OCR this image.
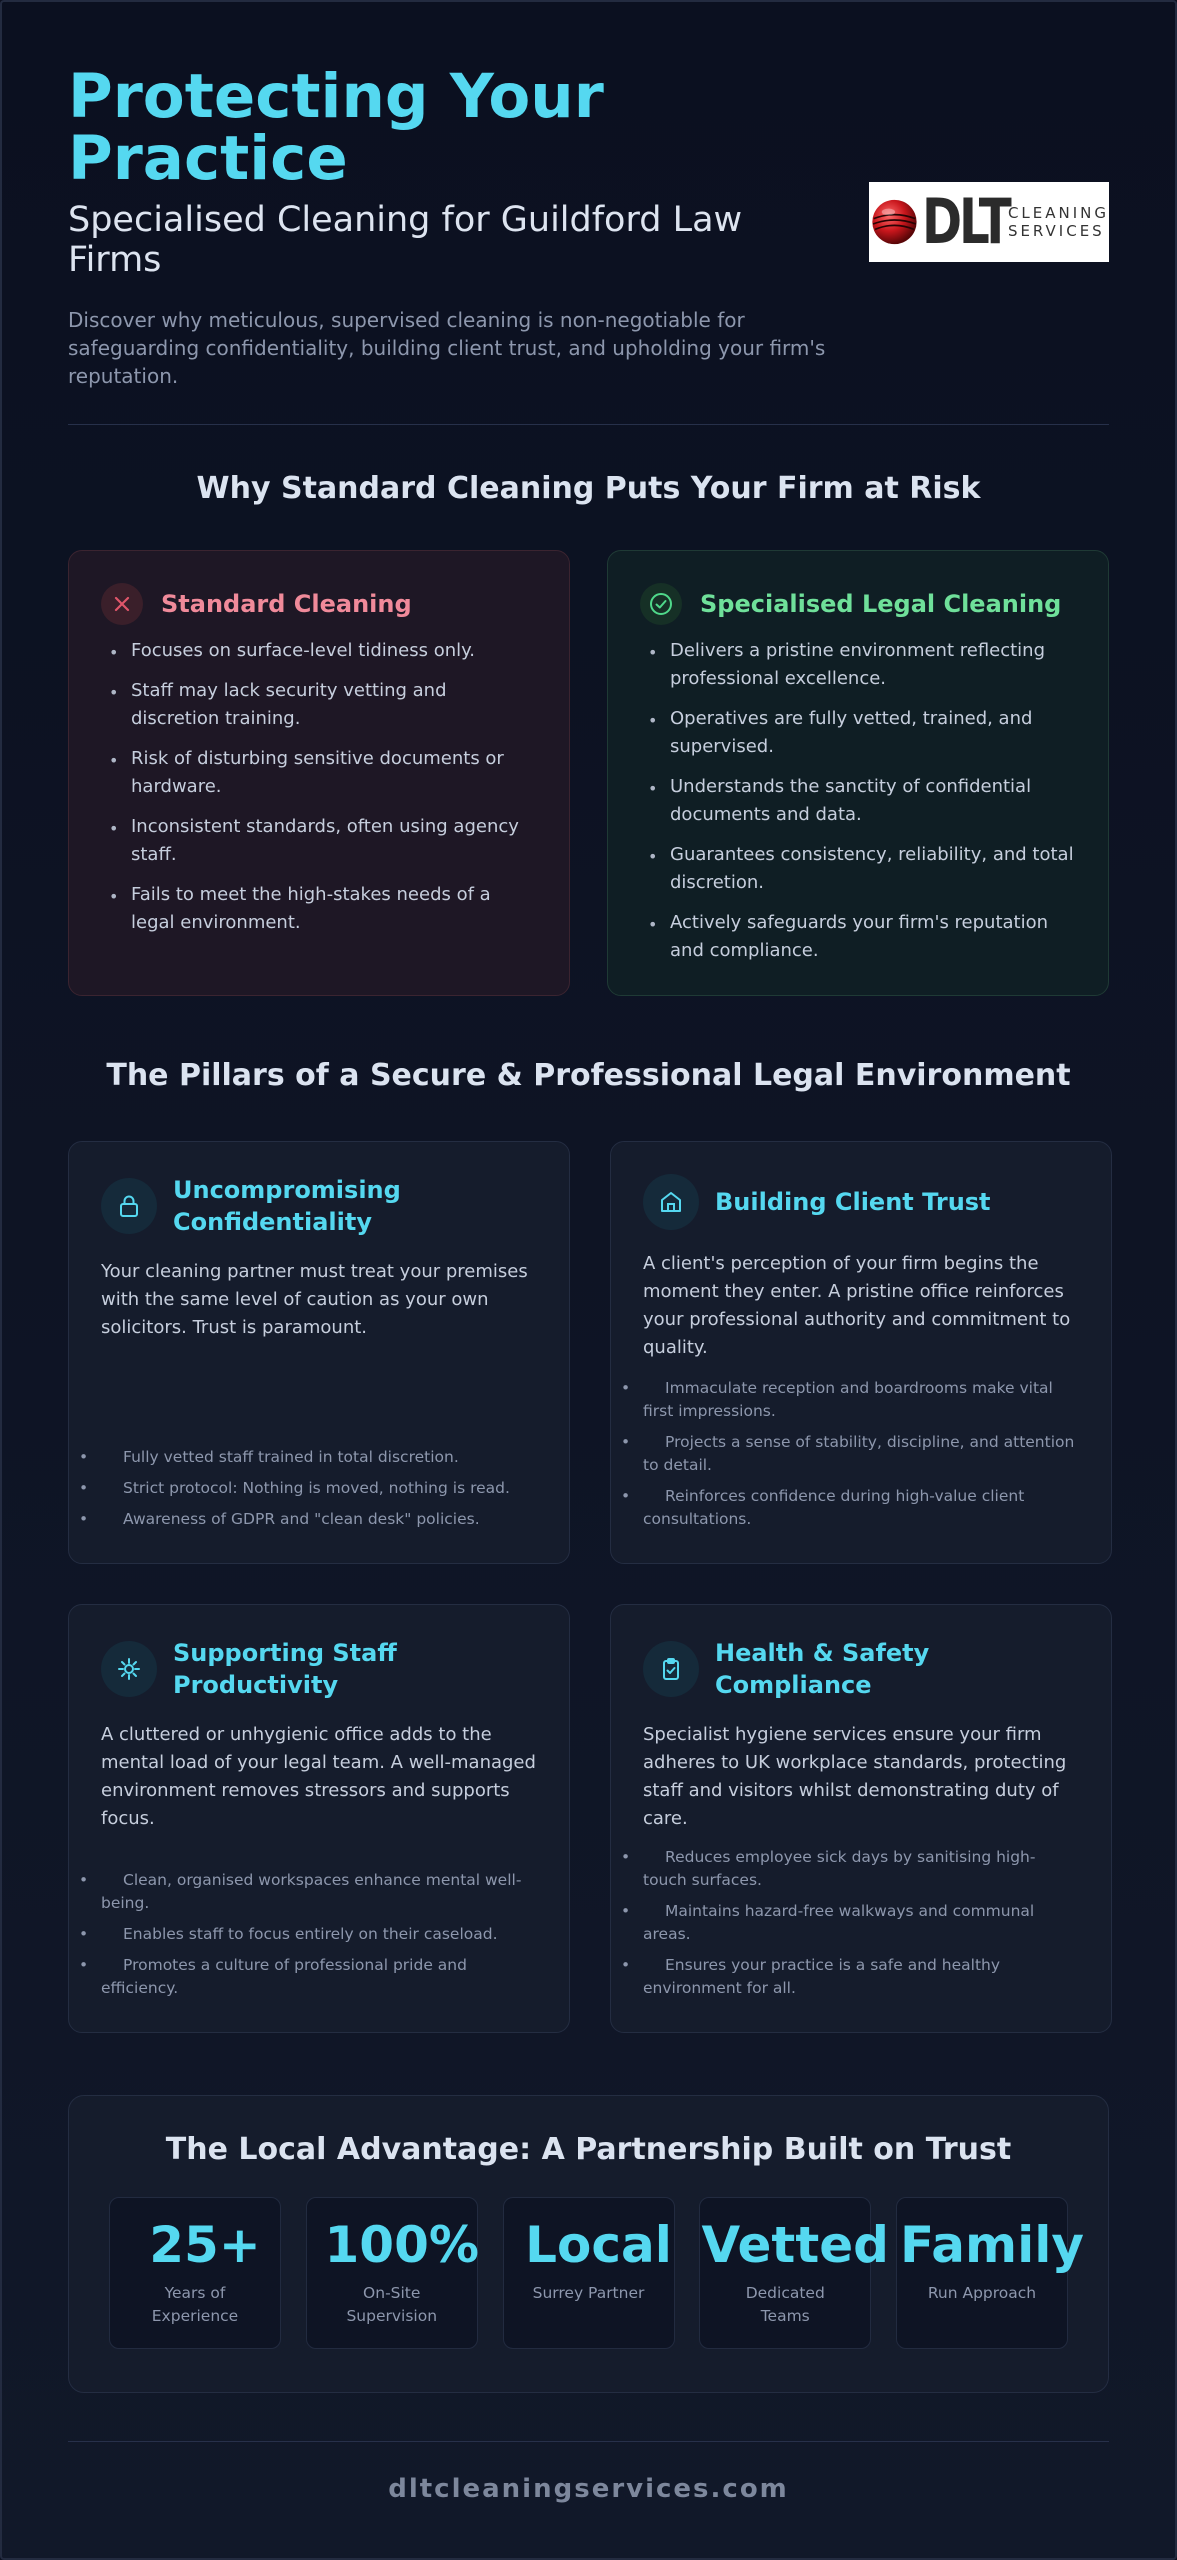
Protecting Your Practice
Specialised Cleaning for Guildford Law Firms

Discover why meticulous, supervised cleaning is non-negotiable for safeguarding confidentiality, building client trust, and upholding your firm's reputation.

DLT CLEANING
SERVICES
Why Standard Cleaning Puts Your Firm at Risk
Standard Cleaning
• Focuses on surface-level tidiness only.
• Staff may lack security vetting and discretion training.
• Risk of disturbing sensitive documents or hardware.
• Inconsistent standards, often using agency staff.
• Fails to meet the high-stakes needs of a legal environment.
Specialised Legal Cleaning
• Delivers a pristine environment reflecting professional excellence.
• Operatives are fully vetted, trained, and supervised.
• Understands the sanctity of confidential documents and data.
• Guarantees consistency, reliability, and total discretion.
• Actively safeguards your firm's reputation and compliance.
The Pillars of a Secure & Professional Legal Environment
Uncompromising Confidentiality

Your cleaning partner must treat your premises with the same level of caution as your own solicitors. Trust is paramount.

• Fully vetted staff trained in total discretion.
• Strict protocol: Nothing is moved, nothing is read.
• Awareness of GDPR and "clean desk" policies.
Building Client Trust

A client's perception of your firm begins the moment they enter. A pristine office reinforces your professional authority and commitment to quality.

• Immaculate reception and boardrooms make vital first impressions.
• Projects a sense of stability, discipline, and attention to detail.
• Reinforces confidence during high-value client consultations.
Supporting Staff Productivity

A cluttered or unhygienic office adds to the mental load of your legal team. A well-managed environment removes stressors and supports focus.

• Clean, organised workspaces enhance mental well-being.
• Enables staff to focus entirely on their caseload.
• Promotes a culture of professional pride and efficiency.
Health & Safety Compliance

Specialist hygiene services ensure your firm adheres to UK workplace standards, protecting staff and visitors whilst demonstrating duty of care.

• Reduces employee sick days by sanitising high-touch surfaces.
• Maintains hazard-free walkways and communal areas.
• Ensures your practice is a safe and healthy environment for all.
The Local Advantage: A Partnership Built on Trust
25+
Years of Experience
100%
On-Site Supervision
Local
Surrey Partner
Vetted
Dedicated Teams
Family
Run Approach
dltcleaningservices.com
